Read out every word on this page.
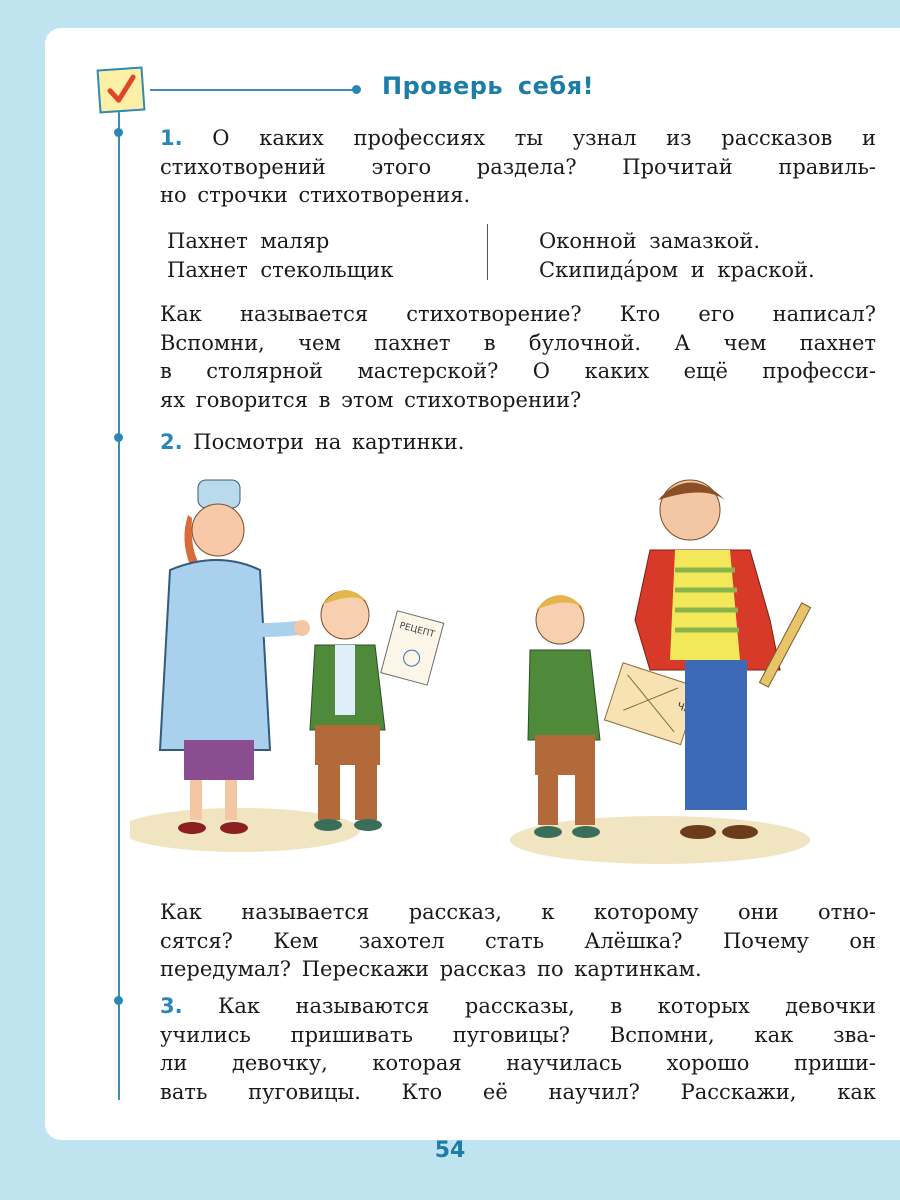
Проверь себя!
1. О каких профессиях ты узнал из рассказов и
стихотворений этого раздела? Прочитай правиль-
но строчки стихотворения.
Пахнет маляр
Пахнет стекольщик
Оконной замазкой.
Скипида́ром и краской.
Как называется стихотворение? Кто его написал?
Вспомни, чем пахнет в булочной. А чем пахнет
в столярной мастерской? О каких ещё професси-
ях говорится в этом стихотворении?
2. Посмотри на картинки.
РЕЦЕПТ
Как называется рассказ, к которому они отно-
сятся? Кем захотел стать Алёшка? Почему он
передумал? Перескажи рассказ по картинкам.
3. Как называются рассказы, в которых девочки
учились пришивать пуговицы? Вспомни, как зва-
ли девочку, которая научилась хорошо приши-
вать пуговицы. Кто её научил? Расскажи, как
54
